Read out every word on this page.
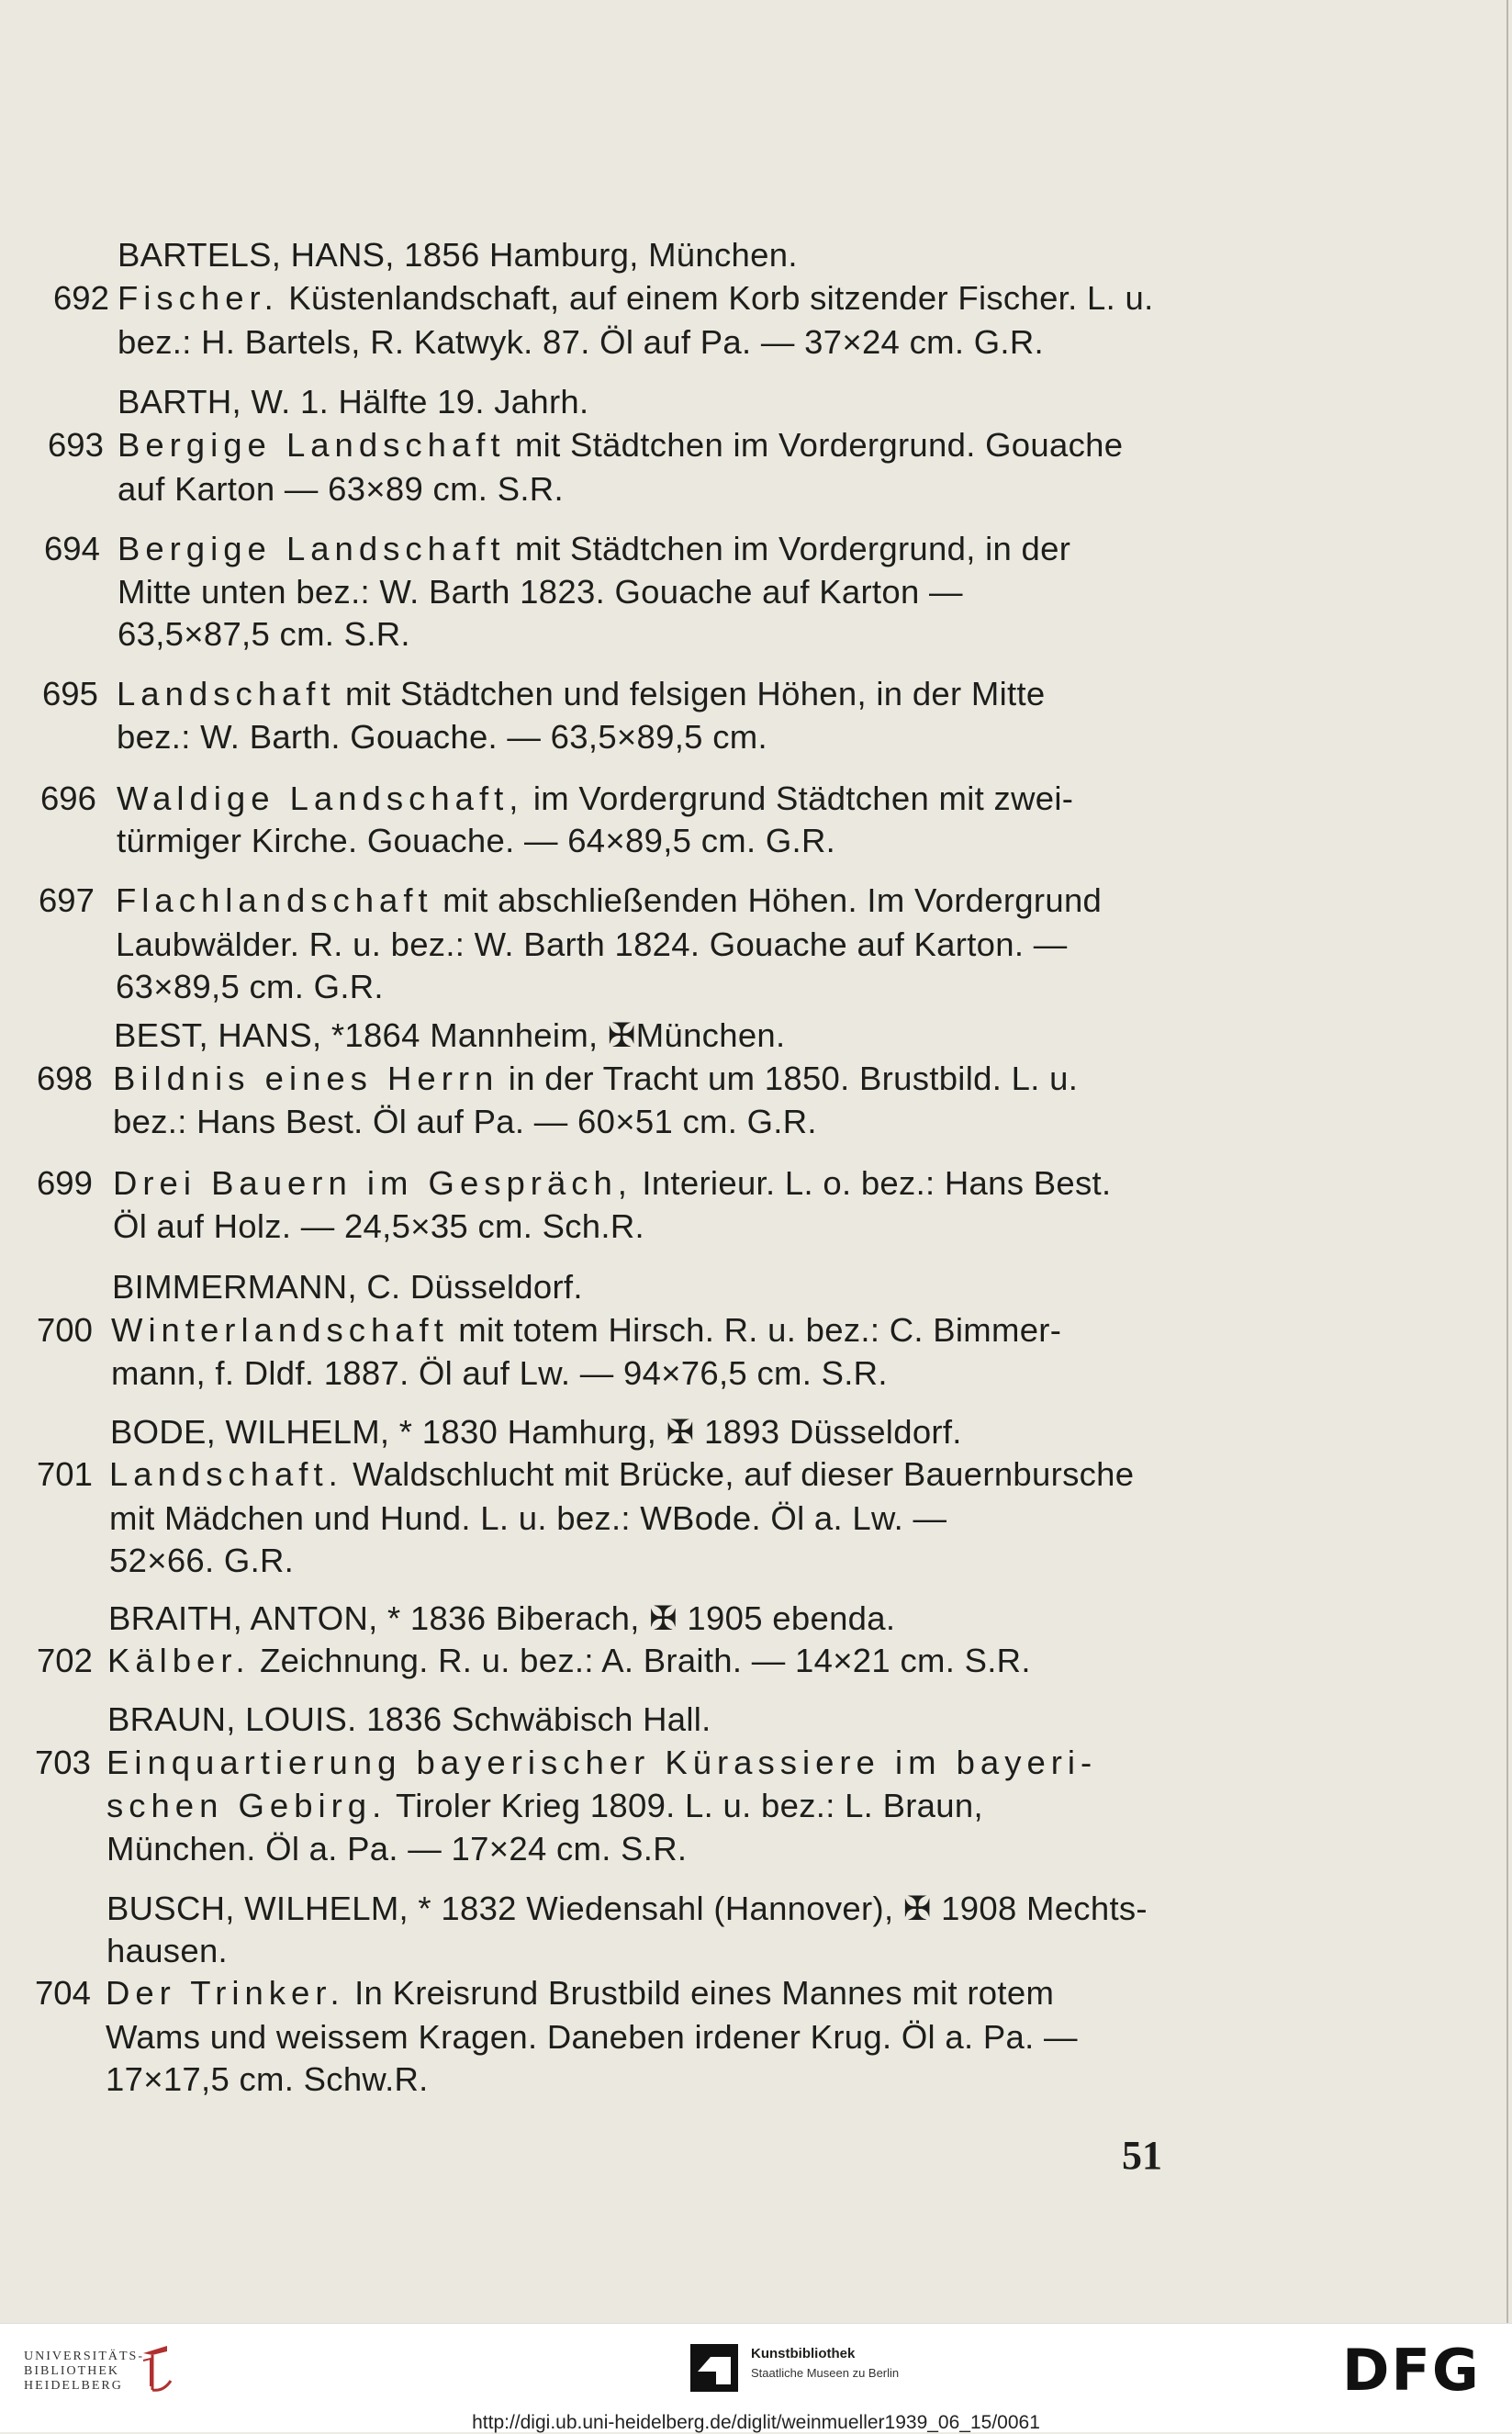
BARTELS, HANS, 1856 Hamburg, München.
692 Fischer. Küstenlandschaft, auf einem Korb sitzender Fischer. L. u.
bez.: H. Bartels, R. Katwyk. 87. Öl auf Pa. — 37×24 cm. G.R.
BARTH, W. 1. Hälfte 19. Jahrh.
693 Bergige Landschaft mit Städtchen im Vordergrund. Gouache
auf Karton — 63×89 cm. S.R.
694 Bergige Landschaft mit Städtchen im Vordergrund, in der
Mitte unten bez.: W. Barth 1823. Gouache auf Karton —
63,5×87,5 cm. S.R.
695 Landschaft mit Städtchen und felsigen Höhen, in der Mitte
bez.: W. Barth. Gouache. — 63,5×89,5 cm.
696 Waldige Landschaft, im Vordergrund Städtchen mit zwei-
türmiger Kirche. Gouache. — 64×89,5 cm. G.R.
697 Flachlandschaft mit abschließenden Höhen. Im Vordergrund
Laubwälder. R. u. bez.: W. Barth 1824. Gouache auf Karton. —
63×89,5 cm. G.R.
BEST, HANS, *1864 Mannheim, ✠München.
698 Bildnis eines Herrn in der Tracht um 1850. Brustbild. L. u.
bez.: Hans Best. Öl auf Pa. — 60×51 cm. G.R.
699 Drei Bauern im Gespräch, Interieur. L. o. bez.: Hans Best.
Öl auf Holz. — 24,5×35 cm. Sch.R.
BIMMERMANN, C. Düsseldorf.
700 Winterlandschaft mit totem Hirsch. R. u. bez.: C. Bimmer-
mann, f. Dldf. 1887. Öl auf Lw. — 94×76,5 cm. S.R.
BODE, WILHELM, * 1830 Hamhurg, ✠ 1893 Düsseldorf.
701 Landschaft. Waldschlucht mit Brücke, auf dieser Bauernbursche
mit Mädchen und Hund. L. u. bez.: WBode. Öl a. Lw. —
52×66. G.R.
BRAITH, ANTON, * 1836 Biberach, ✠ 1905 ebenda.
702 Kälber. Zeichnung. R. u. bez.: A. Braith. — 14×21 cm. S.R.
BRAUN, LOUIS. 1836 Schwäbisch Hall.
703 Einquartierung bayerischer Kürassiere im bayeri-
schen Gebirg. Tiroler Krieg 1809. L. u. bez.: L. Braun,
München. Öl a. Pa. — 17×24 cm. S.R.
BUSCH, WILHELM, * 1832 Wiedensahl (Hannover), ✠ 1908 Mechts-
hausen.
704 Der Trinker. In Kreisrund Brustbild eines Mannes mit rotem
Wams und weissem Kragen. Daneben irdener Krug. Öl a. Pa. —
17×17,5 cm. Schw.R.
51
UNIVERSITÄTS-
BIBLIOTHEK
HEIDELBERG
Kunstbibliothek
Staatliche Museen zu Berlin	DFG
http://digi.ub.uni-heidelberg.de/diglit/weinmueller1939_06_15/0061
